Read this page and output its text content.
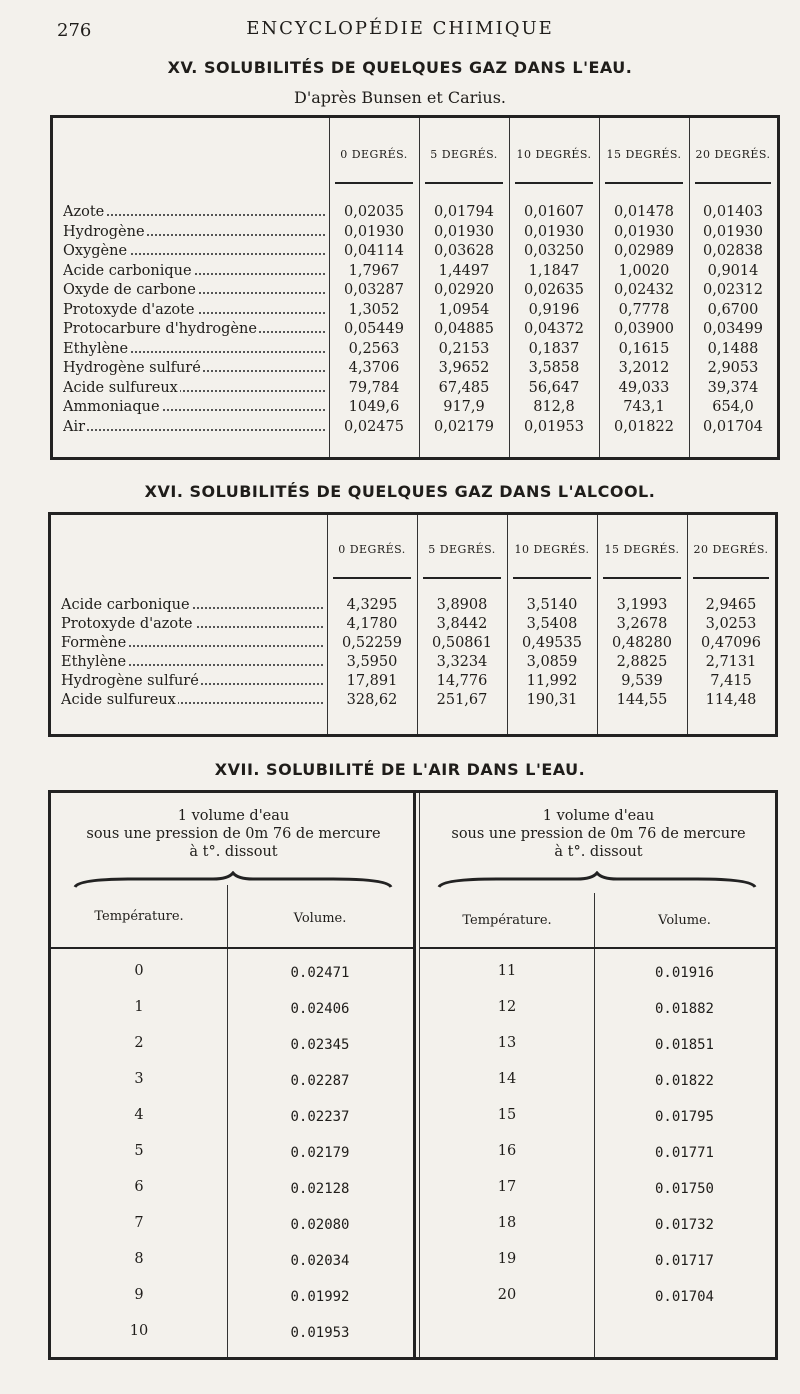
276	ENCYCLOPÉDIE CHIMIQUE
XV. SOLUBILITÉS DE QUELQUES GAZ DANS L'EAU.
D'après Bunsen et Carius.
0 DEGRÉS.	5 DEGRÉS.	10 DEGRÉS.	15 DEGRÉS.	20 DEGRÉS.
Azote	0,02035	0,01794	0,01607	0,01478	0,01403
Hydrogène	0,01930	0,01930	0,01930	0,01930	0,01930
Oxygène	0,04114	0,03628	0,03250	0,02989	0,02838
Acide carbonique	1,7967	1,4497	1,1847	1,0020	0,9014
Oxyde de carbone	0,03287	0,02920	0,02635	0,02432	0,02312
Protoxyde d'azote	1,3052	1,0954	0,9196	0,7778	0,6700
Protocarbure d'hydrogène	0,05449	0,04885	0,04372	0,03900	0,03499
Éthylène	0,2563	0,2153	0,1837	0,1615	0,1488
Hydrogène sulfuré	4,3706	3,9652	3,5858	3,2012	2,9053
Acide sulfureux	79,784	67,485	56,647	49,033	39,374
Ammoniaque	1049,6	917,9	812,8	743,1	654,0
Air	0,02475	0,02179	0,01953	0,01822	0,01704
XVI. SOLUBILITÉS DE QUELQUES GAZ DANS L'ALCOOL.
0 DEGRÉS.	5 DEGRÉS.	10 DEGRÉS.	15 DEGRÉS.	20 DEGRÉS.
Acide carbonique	4,3295	3,8908	3,5140	3,1993	2,9465
Protoxyde d'azote	4,1780	3,8442	3,5408	3,2678	3,0253
Formène	0,52259	0,50861	0,49535	0,48280	0,47096
Éthylène	3,5950	3,3234	3,0859	2,8825	2,7131
Hydrogène sulfuré	17,891	14,776	11,992	9,539	7,415
Acide sulfureux	328,62	251,67	190,31	144,55	114,48
XVII. SOLUBILITÉ DE L'AIR DANS L'EAU.
1 volume d'eau
sous une pression de 0m 76 de mercure
à t°. dissout
Température.	Volume.
1 volume d'eau
sous une pression de 0m 76 de mercure
à t°. dissout
Température.	Volume.
0	0.02471
1	0.02406
2	0.02345
3	0.02287
4	0.02237
5	0.02179
6	0.02128
7	0.02080
8	0.02034
9	0.01992
10	0.01953
11	0.01916
12	0.01882
13	0.01851
14	0.01822
15	0.01795
16	0.01771
17	0.01750
18	0.01732
19	0.01717
20	0.01704
